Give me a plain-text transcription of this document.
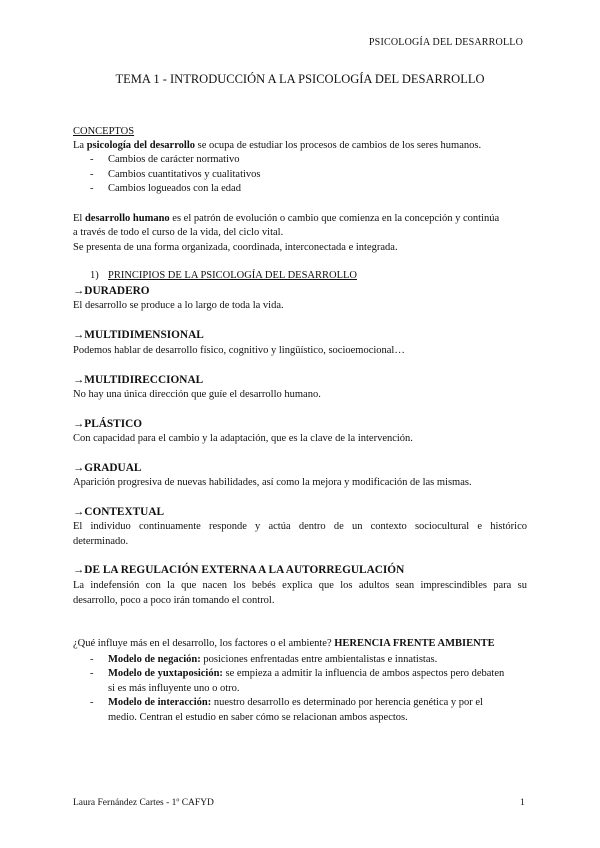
PSICOLOGÍA DEL DESARROLLO
TEMA 1 - INTRODUCCIÓN A LA PSICOLOGÍA DEL DESARROLLO
CONCEPTOS
La psicología del desarrollo se ocupa de estudiar los procesos de cambios de los seres humanos.
- Cambios de carácter normativo
- Cambios cuantitativos y cualitativos
- Cambios logueados con la edad
El desarrollo humano es el patrón de evolución o cambio que comienza en la concepción y continúa
a través de todo el curso de la vida, del ciclo vital.
Se presenta de una forma organizada, coordinada, interconectada e integrada.
1) PRINCIPIOS DE LA PSICOLOGÍA DEL DESARROLLO
→DURADERO
El desarrollo se produce a lo largo de toda la vida.
→MULTIDIMENSIONAL
Podemos hablar de desarrollo físico, cognitivo y lingüístico, socioemocional…
→MULTIDIRECCIONAL
No hay una única dirección que guíe el desarrollo humano.
→PLÁSTICO
Con capacidad para el cambio y la adaptación, que es la clave de la intervención.
→GRADUAL
Aparición progresiva de nuevas habilidades, así como la mejora y modificación de las mismas.
→CONTEXTUAL
El individuo continuamente responde y actúa dentro de un contexto sociocultural e histórico
determinado.
→DE LA REGULACIÓN EXTERNA A LA AUTORREGULACIÓN
La indefensión con la que nacen los bebés explica que los adultos sean imprescindibles para su
desarrollo, poco a poco irán tomando el control.
¿Qué influye más en el desarrollo, los factores o el ambiente? HERENCIA FRENTE AMBIENTE
- Modelo de negación: posiciones enfrentadas entre ambientalistas e innatistas.
- Modelo de yuxtaposición: se empieza a admitir la influencia de ambos aspectos pero debaten
si es más influyente uno o otro.
- Modelo de interacción: nuestro desarrollo es determinado por herencia genética y por el
medio. Centran el estudio en saber cómo se relacionan ambos aspectos.
Laura Fernández Cartes - 1º CAFYD	1
